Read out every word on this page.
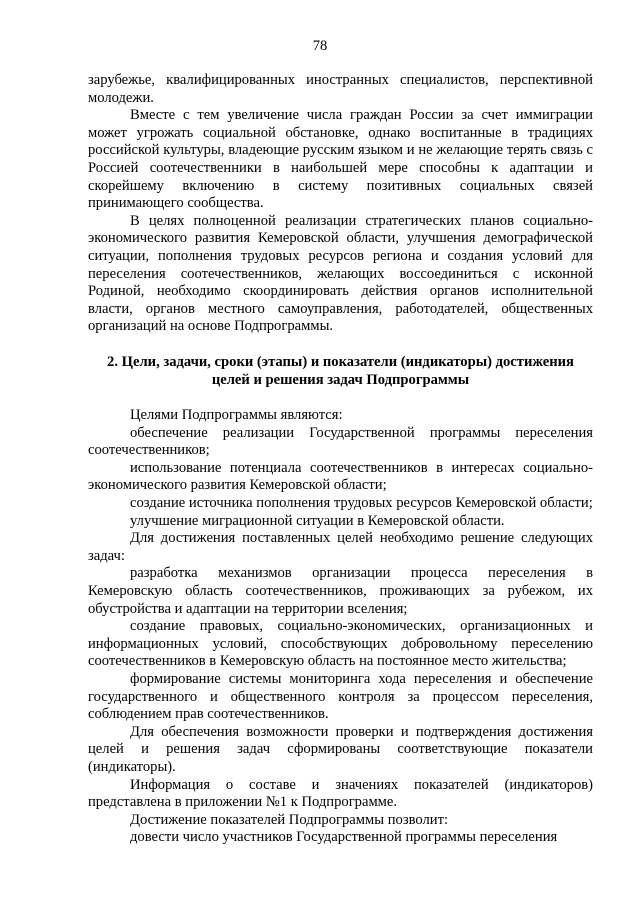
78

зарубежье, квалифицированных иностранных специалистов, перспективной молодежи.

Вместе с тем увеличение числа граждан России за счет иммиграции может угрожать социальной обстановке, однако воспитанные в традициях российской культуры, владеющие русским языком и не желающие терять связь с Россией соотечественники в наибольшей мере способны к адаптации и скорейшему включению в систему позитивных социальных связей принимающего сообщества.

В целях полноценной реализации стратегических планов социально-экономического развития Кемеровской области, улучшения демографической ситуации, пополнения трудовых ресурсов региона и создания условий для переселения соотечественников, желающих воссоединиться с исконной Родиной, необходимо скоординировать действия органов исполнительной власти, органов местного самоуправления, работодателей, общественных организаций на основе Подпрограммы.

2. Цели, задачи, сроки (этапы) и показатели (индикаторы) достижения целей и решения задач Подпрограммы

Целями Подпрограммы являются:

обеспечение реализации Государственной программы переселения соотечественников;

использование потенциала соотечественников в интересах социально-экономического развития Кемеровской области;

создание источника пополнения трудовых ресурсов Кемеровской области;

улучшение миграционной ситуации в Кемеровской области.

Для достижения поставленных целей необходимо решение следующих задач:

разработка механизмов организации процесса переселения в Кемеровскую область соотечественников, проживающих за рубежом, их обустройства и адаптации на территории вселения;

создание правовых, социально-экономических, организационных и информационных условий, способствующих добровольному переселению соотечественников в Кемеровскую область на постоянное место жительства;

формирование системы мониторинга хода переселения и обеспечение государственного и общественного контроля за процессом переселения, соблюдением прав соотечественников.

Для обеспечения возможности проверки и подтверждения достижения целей и решения задач сформированы соответствующие показатели (индикаторы).

Информация о составе и значениях показателей (индикаторов) представлена в приложении №1 к Подпрограмме.

Достижение показателей Подпрограммы позволит:

довести число участников Государственной программы переселения
